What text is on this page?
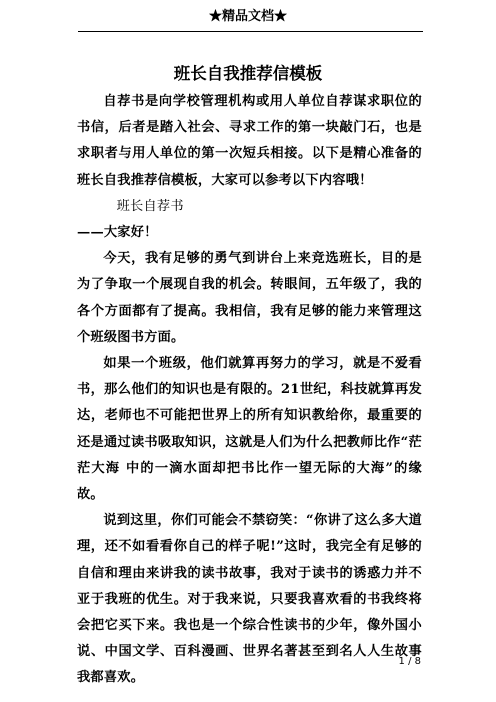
★精品文档★
班长自我推荐信模板

自荐书是向学校管理机构或用人单位自荐谋求职位的书信，后者是踏入社会、寻求工作的第一块敲门石，也是求职者与用人单位的第一次短兵相接。以下是精心准备的班长自我推荐信模板，大家可以参考以下内容哦！

班长自荐书

——大家好！

今天，我有足够的勇气到讲台上来竞选班长，目的是为了争取一个展现自我的机会。转眼间，五年级了，我的各个方面都有了提高。我相信，我有足够的能力来管理这个班级图书方面。

如果一个班级，他们就算再努力的学习，就是不爱看书，那么他们的知识也是有限的。21世纪，科技就算再发达，老师也不可能把世界上的所有知识教给你，最重要的还是通过读书吸取知识，这就是人们为什么把教师比作“茫茫大海 中的一滴水面却把书比作一望无际的大海”的缘故。

说到这里，你们可能会不禁窃笑：“你讲了这么多大道理，还不如看看你自己的样子呢!”这时，我完全有足够的自信和理由来讲我的读书故事，我对于读书的诱惑力并不亚于我班的优生。对于我来说，只要我喜欢看的书我终将会把它买下来。我也是一个综合性读书的少年，像外国小说、中国文学、百科漫画、世界名著甚至到名人人生故事我都喜欢。

1 / 8
